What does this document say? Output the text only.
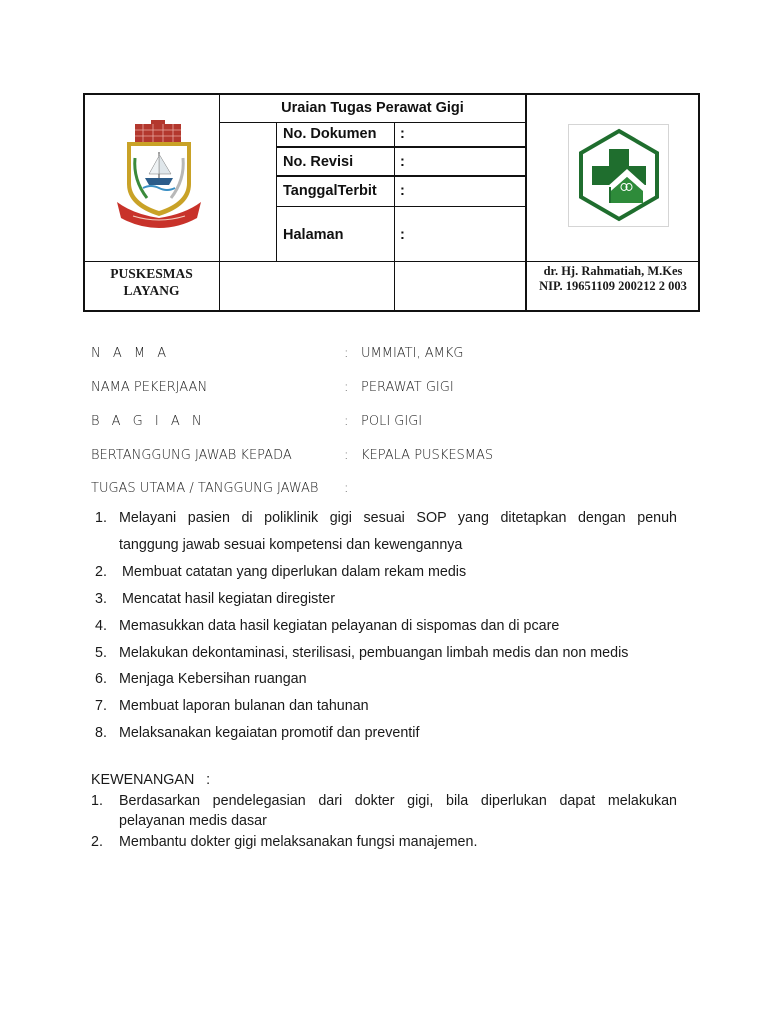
Uraian Tugas Perawat Gigi
No. Dokumen :
No. Revisi	:
TanggalTerbit :
Halaman	:
PUSKESMAS
LAYANG
dr. Hj. Rahmatiah, M.Kes
NIP. 19651109 200212 2 003
N A M A	: UMMIATI, AMKG
NAMA PEKERJAAN	: PERAWAT GIGI
B A G I A N	: POLI GIGI
BERTANGGUNG JAWAB KEPADA	: KEPALA PUSKESMAS
TUGAS UTAMA / TANGGUNG JAWAB :
1. Melayani pasien di poliklinik gigi sesuai SOP yang ditetapkan dengan penuh
tanggung jawab sesuai kompetensi dan kewengannya
2. Membuat catatan yang diperlukan dalam rekam medis
3. Mencatat hasil kegiatan diregister
4. Memasukkan data hasil kegiatan pelayanan di sispomas dan di pcare
5. Melakukan dekontaminasi, sterilisasi, pembuangan limbah medis dan non medis
6. Menjaga Kebersihan ruangan
7. Membuat laporan bulanan dan tahunan
8. Melaksanakan kegaiatan promotif dan preventif
KEWENANGAN   :
1. Berdasarkan pendelegasian dari dokter gigi, bila diperlukan dapat melakukan
pelayanan medis dasar
2. Membantu dokter gigi melaksanakan fungsi manajemen.
